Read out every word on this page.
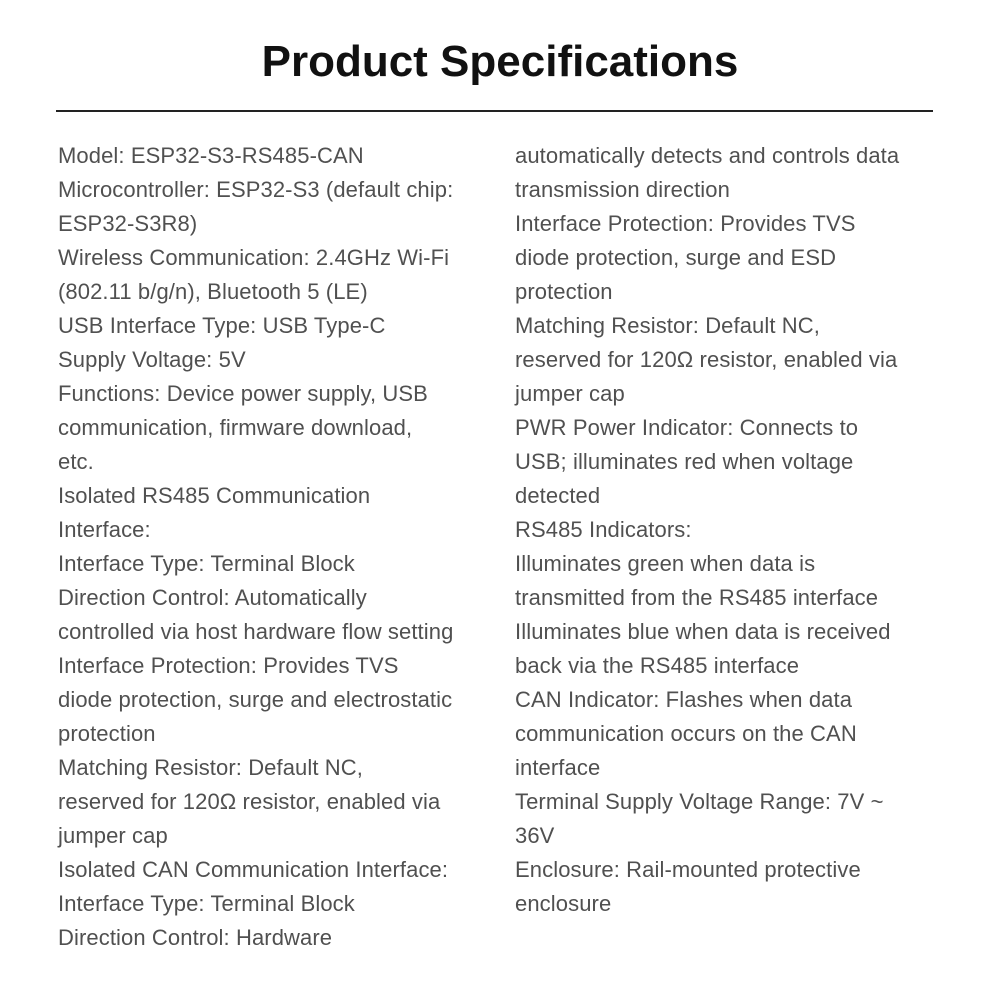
Product Specifications
Model: ESP32-S3-RS485-CAN
Microcontroller: ESP32-S3 (default chip:
ESP32-S3R8)
Wireless Communication: 2.4GHz Wi-Fi
(802.11 b/g/n), Bluetooth 5 (LE)
USB Interface Type: USB Type-C
Supply Voltage: 5V
Functions: Device power supply, USB
communication, firmware download,
etc.
Isolated RS485 Communication
Interface:
Interface Type: Terminal Block
Direction Control: Automatically
controlled via host hardware flow setting
Interface Protection: Provides TVS
diode protection, surge and electrostatic
protection
Matching Resistor: Default NC,
reserved for 120Ω resistor, enabled via
jumper cap
Isolated CAN Communication Interface:
Interface Type: Terminal Block
Direction Control: Hardware
automatically detects and controls data
transmission direction
Interface Protection: Provides TVS
diode protection, surge and ESD
protection
Matching Resistor: Default NC,
reserved for 120Ω resistor, enabled via
jumper cap
PWR Power Indicator: Connects to
USB; illuminates red when voltage
detected
RS485 Indicators:
Illuminates green when data is
transmitted from the RS485 interface
Illuminates blue when data is received
back via the RS485 interface
CAN Indicator: Flashes when data
communication occurs on the CAN
interface
Terminal Supply Voltage Range: 7V ~
36V
Enclosure: Rail-mounted protective
enclosure
